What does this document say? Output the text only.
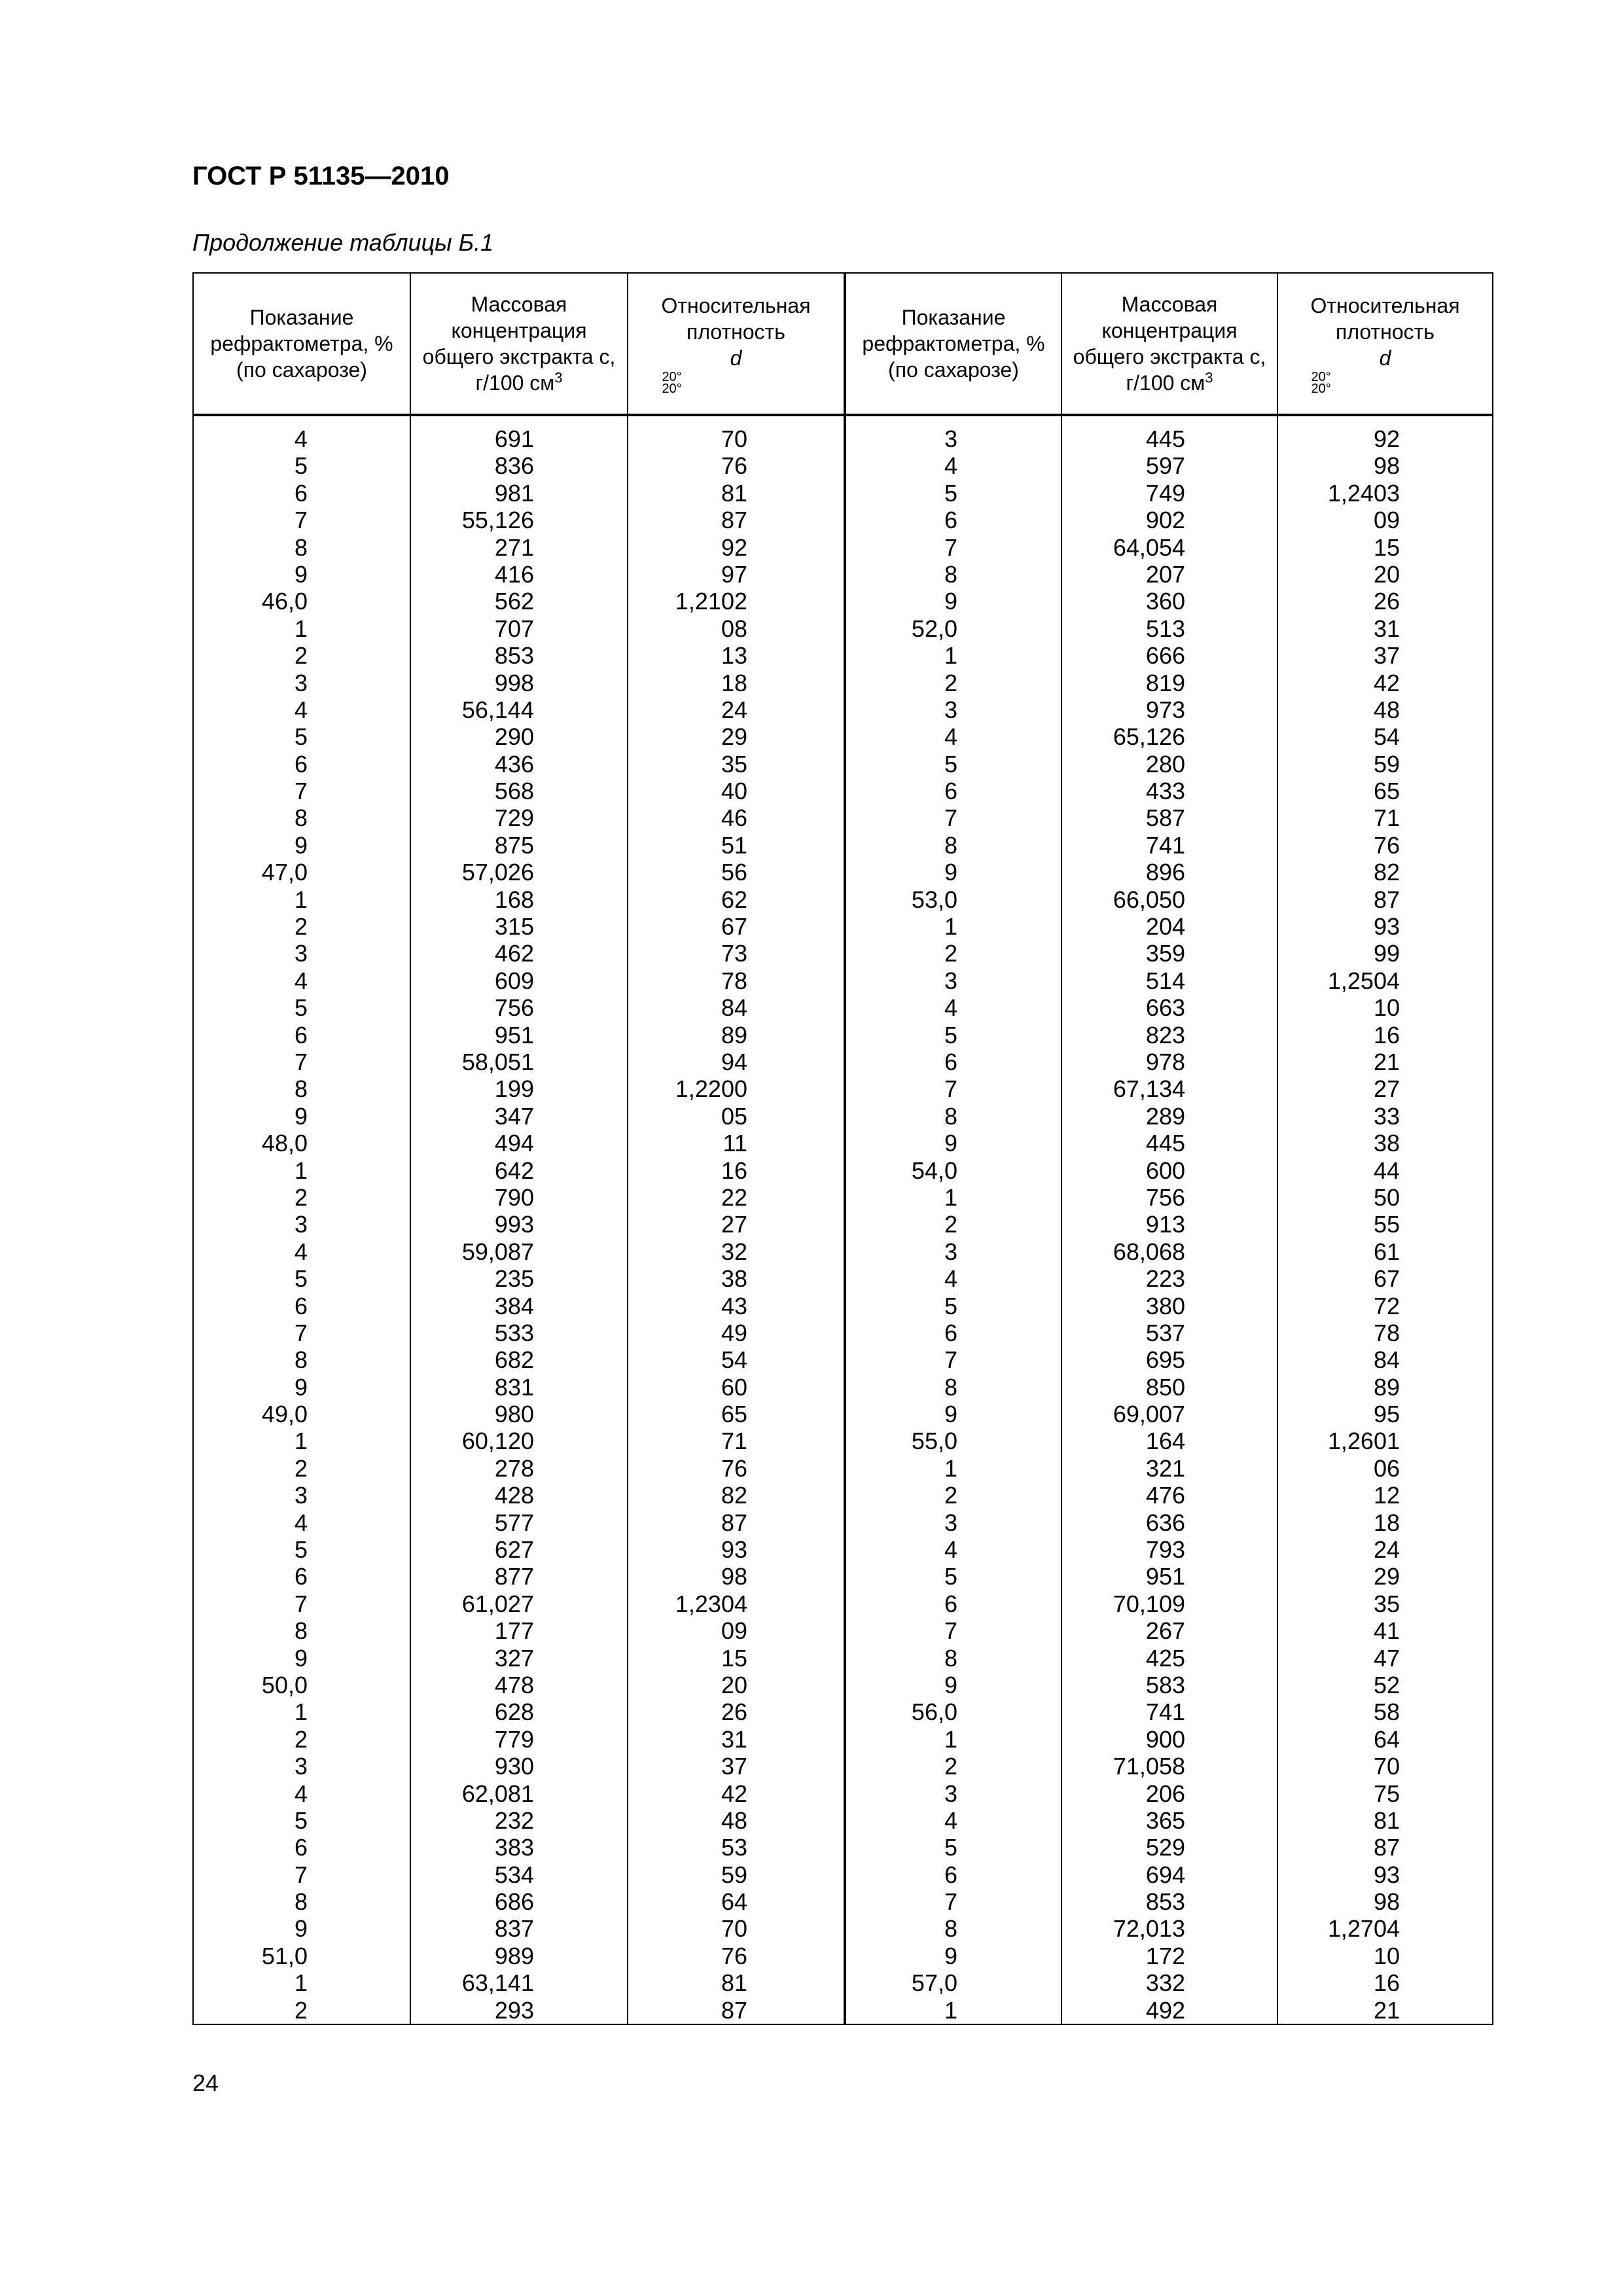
ГОСТ Р 51135—2010
Продолжение таблицы Б.1
Показание
рефрактометра, %
(по сахарозе)
Массовая
концентрация
общего экстракта с,
г/100 $см^3$
Относительная
плотность
d
20°
20°
Показание
рефрактометра, %
(по сахарозе)
Массовая
концентрация
общего экстракта с,
г/100 $см^3$
Относительная
плотность
d
20°
20°
4
5
6
7
8
9
46,0
1
2
3
4
5
6
7
8
9
47,0
1
2
3
4
5
6
7
8
9
48,0
1
2
3
4
5
6
7
8
9
49,0
1
2
3
4
5
6
7
8
9
50,0
1
2
3
4
5
6
7
8
9
51,0
1
2
691
836
981
55,126
271
416
562
707
853
998
56,144
290
436
568
729
875
57,026
168
315
462
609
756
951
58,051
199
347
494
642
790
993
59,087
235
384
533
682
831
980
60,120
278
428
577
627
877
61,027
177
327
478
628
779
930
62,081
232
383
534
686
837
989
63,141
293
70
76
81
87
92
97
1,2102
08
13
18
24
29
35
40
46
51
56
62
67
73
78
84
89
94
1,2200
05
11
16
22
27
32
38
43
49
54
60
65
71
76
82
87
93
98
1,2304
09
15
20
26
31
37
42
48
53
59
64
70
76
81
87
3
4
5
6
7
8
9
52,0
1
2
3
4
5
6
7
8
9
53,0
1
2
3
4
5
6
7
8
9
54,0
1
2
3
4
5
6
7
8
9
55,0
1
2
3
4
5
6
7
8
9
56,0
1
2
3
4
5
6
7
8
9
57,0
1
445
597
749
902
64,054
207
360
513
666
819
973
65,126
280
433
587
741
896
66,050
204
359
514
663
823
978
67,134
289
445
600
756
913
68,068
223
380
537
695
850
69,007
164
321
476
636
793
951
70,109
267
425
583
741
900
71,058
206
365
529
694
853
72,013
172
332
492
92
98
1,2403
09
15
20
26
31
37
42
48
54
59
65
71
76
82
87
93
99
1,2504
10
16
21
27
33
38
44
50
55
61
67
72
78
84
89
95
1,2601
06
12
18
24
29
35
41
47
52
58
64
70
75
81
87
93
98
1,2704
10
16
21
24
